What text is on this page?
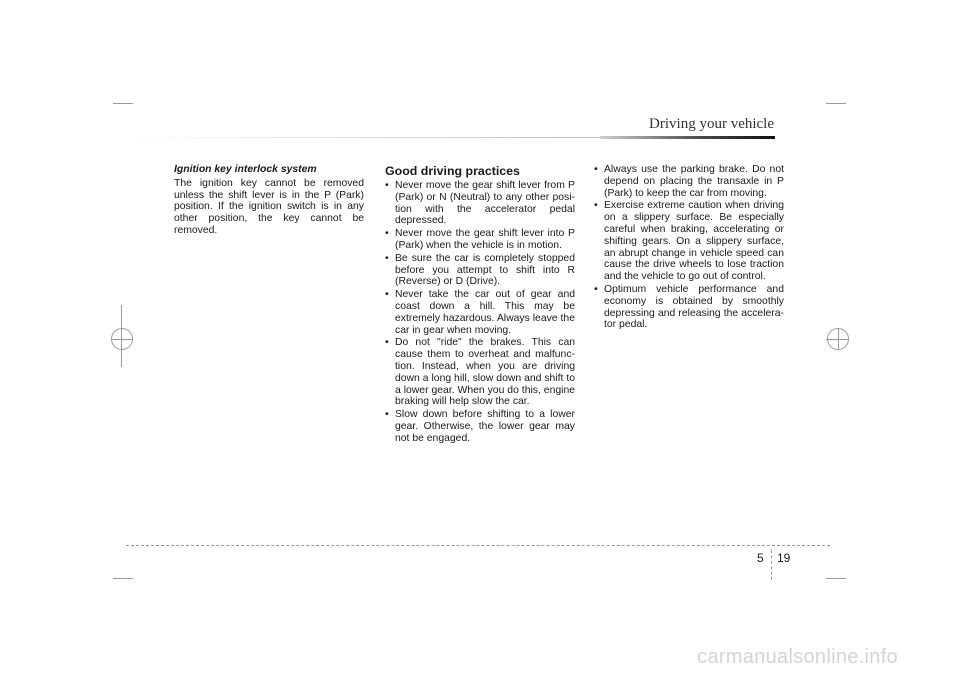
Driving your vehicle

Ignition key interlock system

The ignition key cannot be removed unless the shift lever is in the P (Park) position. If the ignition switch is in any other position, the key cannot be removed.

Good driving practices

• Never move the gear shift lever from P (Park) or N (Neutral) to any other posi-tion with the accelerator pedal depressed.
• Never move the gear shift lever into P (Park) when the vehicle is in motion.
• Be sure the car is completely stopped before you attempt to shift into R (Reverse) or D (Drive).
• Never take the car out of gear and coast down a hill. This may be extremely hazardous. Always leave the car in gear when moving.
• Do not "ride" the brakes. This can cause them to overheat and malfunc-tion. Instead, when you are driving down a long hill, slow down and shift to a lower gear. When you do this, engine braking will help slow the car.
• Slow down before shifting to a lower gear. Otherwise, the lower gear may not be engaged.
• Always use the parking brake. Do not depend on placing the transaxle in P (Park) to keep the car from moving.
• Exercise extreme caution when driving on a slippery surface. Be especially careful when braking, accelerating or shifting gears. On a slippery surface, an abrupt change in vehicle speed can cause the drive wheels to lose traction and the vehicle to go out of control.
• Optimum vehicle performance and economy is obtained by smoothly depressing and releasing the accelera-tor pedal.
5 19
carmanualsonline.info
